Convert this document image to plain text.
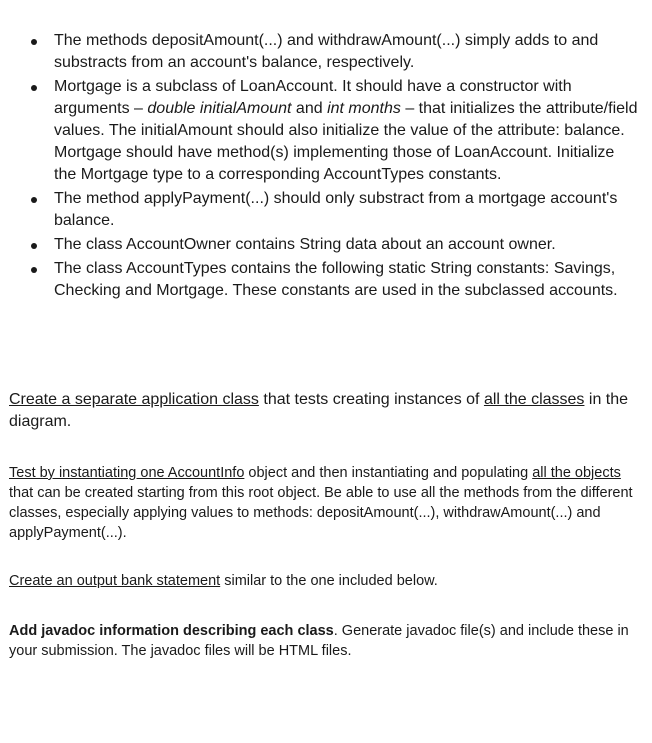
The methods depositAmount(...) and withdrawAmount(...) simply adds to and substracts from an account's balance, respectively.
Mortgage is a subclass of LoanAccount. It should have a constructor with arguments – double initialAmount and int months – that initializes the attribute/field values. The initialAmount should also initialize the value of the attribute: balance. Mortgage should have method(s) implementing those of LoanAccount. Initialize the Mortgage type to a corresponding AccountTypes constants.
The method applyPayment(...) should only substract from a mortgage account's balance.
The class AccountOwner contains String data about an account owner.
The class AccountTypes contains the following static String constants: Savings, Checking and Mortgage. These constants are used in the subclassed accounts.

Create a separate application class that tests creating instances of all the classes in the diagram.

Test by instantiating one AccountInfo object and then instantiating and populating all the objects that can be created starting from this root object. Be able to use all the methods from the different classes, especially applying values to methods: depositAmount(...), withdrawAmount(...) and applyPayment(...).

Create an output bank statement similar to the one included below.

Add javadoc information describing each class. Generate javadoc file(s) and include these in your submission. The javadoc files will be HTML files.
